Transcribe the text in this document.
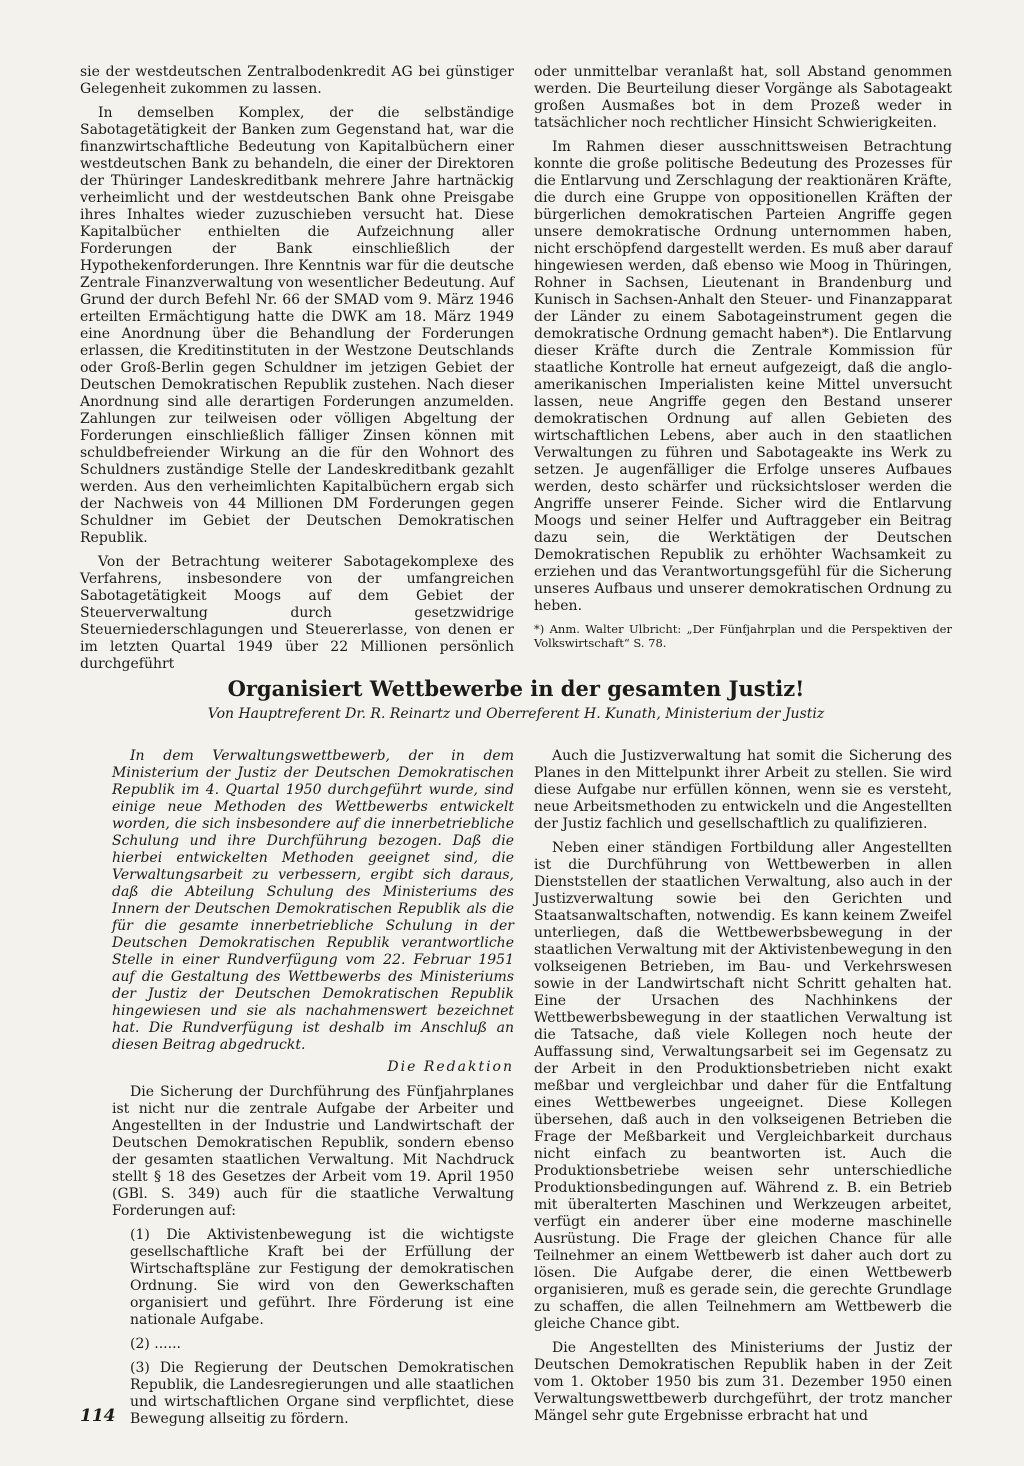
sie der westdeutschen Zentralbodenkredit AG bei günstiger Gelegenheit zukommen zu lassen.

In demselben Komplex, der die selbständige Sabotagetätigkeit der Banken zum Gegenstand hat, war die finanzwirtschaftliche Bedeutung von Kapitalbüchern einer westdeutschen Bank zu behandeln, die einer der Direktoren der Thüringer Landeskreditbank mehrere Jahre hartnäckig verheimlicht und der westdeutschen Bank ohne Preisgabe ihres Inhaltes wieder zuzuschieben versucht hat. Diese Kapitalbücher enthielten die Aufzeichnung aller Forderungen der Bank einschließlich der Hypothekenforderungen. Ihre Kenntnis war für die deutsche Zentrale Finanzverwaltung von wesentlicher Bedeutung. Auf Grund der durch Befehl Nr. 66 der SMAD vom 9. März 1946 erteilten Ermächtigung hatte die DWK am 18. März 1949 eine Anordnung über die Behandlung der Forderungen erlassen, die Kreditinstituten in der Westzone Deutschlands oder Groß-Berlin gegen Schuldner im jetzigen Gebiet der Deutschen Demokratischen Republik zustehen. Nach dieser Anordnung sind alle derartigen Forderungen anzumelden. Zahlungen zur teilweisen oder völligen Abgeltung der Forderungen einschließlich fälliger Zinsen können mit schuldbefreiender Wirkung an die für den Wohnort des Schuldners zuständige Stelle der Landeskreditbank gezahlt werden. Aus den verheimlichten Kapitalbüchern ergab sich der Nachweis von 44 Millionen DM Forderungen gegen Schuldner im Gebiet der Deutschen Demokratischen Republik.

Von der Betrachtung weiterer Sabotagekomplexe des Verfahrens, insbesondere von der umfangreichen Sabotagetätigkeit Moogs auf dem Gebiet der Steuerverwaltung durch gesetzwidrige Steuerniederschlagungen und Steuererlasse, von denen er im letzten Quartal 1949 über 22 Millionen persönlich durchgeführt

oder unmittelbar veranlaßt hat, soll Abstand genommen werden. Die Beurteilung dieser Vorgänge als Sabotageakt großen Ausmaßes bot in dem Prozeß weder in tatsächlicher noch rechtlicher Hinsicht Schwierigkeiten.

Im Rahmen dieser ausschnittsweisen Betrachtung konnte die große politische Bedeutung des Prozesses für die Entlarvung und Zerschlagung der reaktionären Kräfte, die durch eine Gruppe von oppositionellen Kräften der bürgerlichen demokratischen Parteien Angriffe gegen unsere demokratische Ordnung unternommen haben, nicht erschöpfend dargestellt werden. Es muß aber darauf hingewiesen werden, daß ebenso wie Moog in Thüringen, Rohner in Sachsen, Lieutenant in Brandenburg und Kunisch in Sachsen-Anhalt den Steuer- und Finanzapparat der Länder zu einem Sabotageinstrument gegen die demokratische Ordnung gemacht haben*). Die Entlarvung dieser Kräfte durch die Zentrale Kommission für staatliche Kontrolle hat erneut aufgezeigt, daß die anglo-amerikanischen Imperialisten keine Mittel unversucht lassen, neue Angriffe gegen den Bestand unserer demokratischen Ordnung auf allen Gebieten des wirtschaftlichen Lebens, aber auch in den staatlichen Verwaltungen zu führen und Sabotageakte ins Werk zu setzen. Je augenfälliger die Erfolge unseres Aufbaues werden, desto schärfer und rücksichtsloser werden die Angriffe unserer Feinde. Sicher wird die Entlarvung Moogs und seiner Helfer und Auftraggeber ein Beitrag dazu sein, die Werktätigen der Deutschen Demokratischen Republik zu erhöhter Wachsamkeit zu erziehen und das Verantwortungsgefühl für die Sicherung unseres Aufbaus und unserer demokratischen Ordnung zu heben.

*) Anm. Walter Ulbricht: „Der Fünfjahrplan und die Perspektiven der Volkswirtschaft“ S. 78.

Organisiert Wettbewerbe in der gesamten Justiz!
Von Hauptreferent Dr. R. Reinartz und Oberreferent H. Kunath, Ministerium der Justiz

In dem Verwaltungswettbewerb, der in dem Ministerium der Justiz der Deutschen Demokratischen Republik im 4. Quartal 1950 durchgeführt wurde, sind einige neue Methoden des Wettbewerbs entwickelt worden, die sich insbesondere auf die innerbetriebliche Schulung und ihre Durchführung bezogen. Daß die hierbei entwickelten Methoden geeignet sind, die Verwaltungsarbeit zu verbessern, ergibt sich daraus, daß die Abteilung Schulung des Ministeriums des Innern der Deutschen Demokratischen Republik als die für die gesamte innerbetriebliche Schulung in der Deutschen Demokratischen Republik verantwortliche Stelle in einer Rundverfügung vom 22. Februar 1951 auf die Gestaltung des Wettbewerbs des Ministeriums der Justiz der Deutschen Demokratischen Republik hingewiesen und sie als nachahmenswert bezeichnet hat. Die Rundverfügung ist deshalb im Anschluß an diesen Beitrag abgedruckt.

Die Redaktion

Die Sicherung der Durchführung des Fünfjahrplanes ist nicht nur die zentrale Aufgabe der Arbeiter und Angestellten in der Industrie und Landwirtschaft der Deutschen Demokratischen Republik, sondern ebenso der gesamten staatlichen Verwaltung. Mit Nachdruck stellt § 18 des Gesetzes der Arbeit vom 19. April 1950 (GBl. S. 349) auch für die staatliche Verwaltung Forderungen auf:

(1) Die Aktivistenbewegung ist die wichtigste gesellschaftliche Kraft bei der Erfüllung der Wirtschaftspläne zur Festigung der demokratischen Ordnung. Sie wird von den Gewerkschaften organisiert und geführt. Ihre Förderung ist eine nationale Aufgabe.

(2) ......

(3) Die Regierung der Deutschen Demokratischen Republik, die Landesregierungen und alle staatlichen und wirtschaftlichen Organe sind verpflichtet, diese Bewegung allseitig zu fördern.

Auch die Justizverwaltung hat somit die Sicherung des Planes in den Mittelpunkt ihrer Arbeit zu stellen. Sie wird diese Aufgabe nur erfüllen können, wenn sie es versteht, neue Arbeitsmethoden zu entwickeln und die Angestellten der Justiz fachlich und gesellschaftlich zu qualifizieren.

Neben einer ständigen Fortbildung aller Angestellten ist die Durchführung von Wettbewerben in allen Dienststellen der staatlichen Verwaltung, also auch in der Justizverwaltung sowie bei den Gerichten und Staatsanwaltschaften, notwendig. Es kann keinem Zweifel unterliegen, daß die Wettbewerbsbewegung in der staatlichen Verwaltung mit der Aktivistenbewegung in den volkseigenen Betrieben, im Bau- und Verkehrswesen sowie in der Landwirtschaft nicht Schritt gehalten hat. Eine der Ursachen des Nachhinkens der Wettbewerbsbewegung in der staatlichen Verwaltung ist die Tatsache, daß viele Kollegen noch heute der Auffassung sind, Verwaltungsarbeit sei im Gegensatz zu der Arbeit in den Produktionsbetrieben nicht exakt meßbar und vergleichbar und daher für die Entfaltung eines Wettbewerbes ungeeignet. Diese Kollegen übersehen, daß auch in den volkseigenen Betrieben die Frage der Meßbarkeit und Vergleichbarkeit durchaus nicht einfach zu beantworten ist. Auch die Produktionsbetriebe weisen sehr unterschiedliche Produktionsbedingungen auf. Während z. B. ein Betrieb mit überalterten Maschinen und Werkzeugen arbeitet, verfügt ein anderer über eine moderne maschinelle Ausrüstung. Die Frage der gleichen Chance für alle Teilnehmer an einem Wettbewerb ist daher auch dort zu lösen. Die Aufgabe derer, die einen Wettbewerb organisieren, muß es gerade sein, die gerechte Grundlage zu schaffen, die allen Teilnehmern am Wettbewerb die gleiche Chance gibt.

Die Angestellten des Ministeriums der Justiz der Deutschen Demokratischen Republik haben in der Zeit vom 1. Oktober 1950 bis zum 31. Dezember 1950 einen Verwaltungswettbewerb durchgeführt, der trotz mancher Mängel sehr gute Ergebnisse erbracht hat und

114
